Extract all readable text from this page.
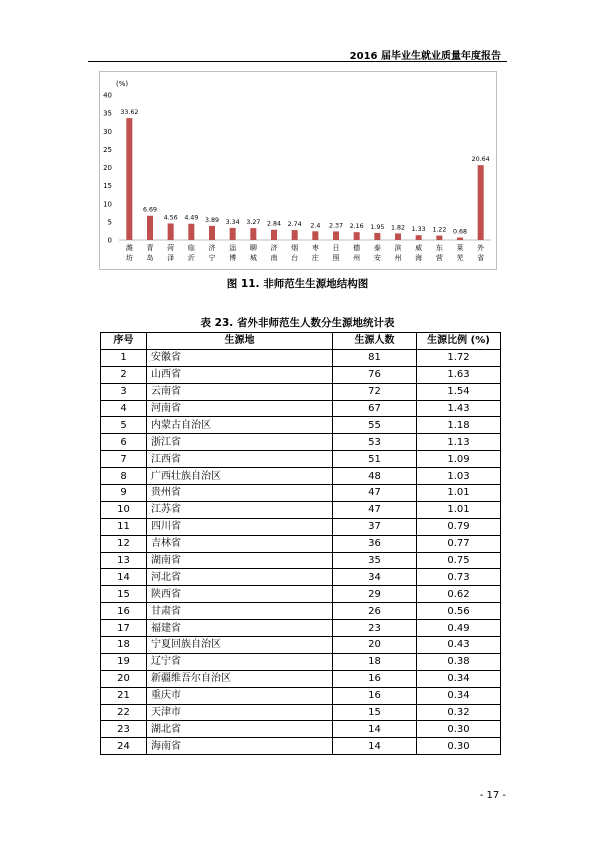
2016 届毕业生就业质量年度报告
(%)
0
5
10
15
20
25
30
35
40
33.62
潍
坊
6.69
青
岛
4.56
菏
泽
4.49
临
沂
3.89
济
宁
3.34
淄
博
3.27
聊
城
2.84
济
南
2.74
烟
台
2.4
枣
庄
2.37
日
照
2.16
德
州
1.95
泰
安
1.82
滨
州
1.33
威
海
1.22
东
营
0.68
莱
芜
20.64
外
省
图 11. 非师范生生源地结构图
表 23. 省外非师范生人数分生源地统计表
序号	生源地	生源人数	生源比例 (%)
1	安徽省	81	1.72
2	山西省	76	1.63
3	云南省	72	1.54
4	河南省	67	1.43
5	内蒙古自治区	55	1.18
6	浙江省	53	1.13
7	江西省	51	1.09
8	广西壮族自治区	48	1.03
9	贵州省	47	1.01
10	江苏省	47	1.01
11	四川省	37	0.79
12	吉林省	36	0.77
13	湖南省	35	0.75
14	河北省	34	0.73
15	陕西省	29	0.62
16	甘肃省	26	0.56
17	福建省	23	0.49
18	宁夏回族自治区	20	0.43
19	辽宁省	18	0.38
20	新疆维吾尔自治区	16	0.34
21	重庆市	16	0.34
22	天津市	15	0.32
23	湖北省	14	0.30
24	海南省	14	0.30
- 17 -
